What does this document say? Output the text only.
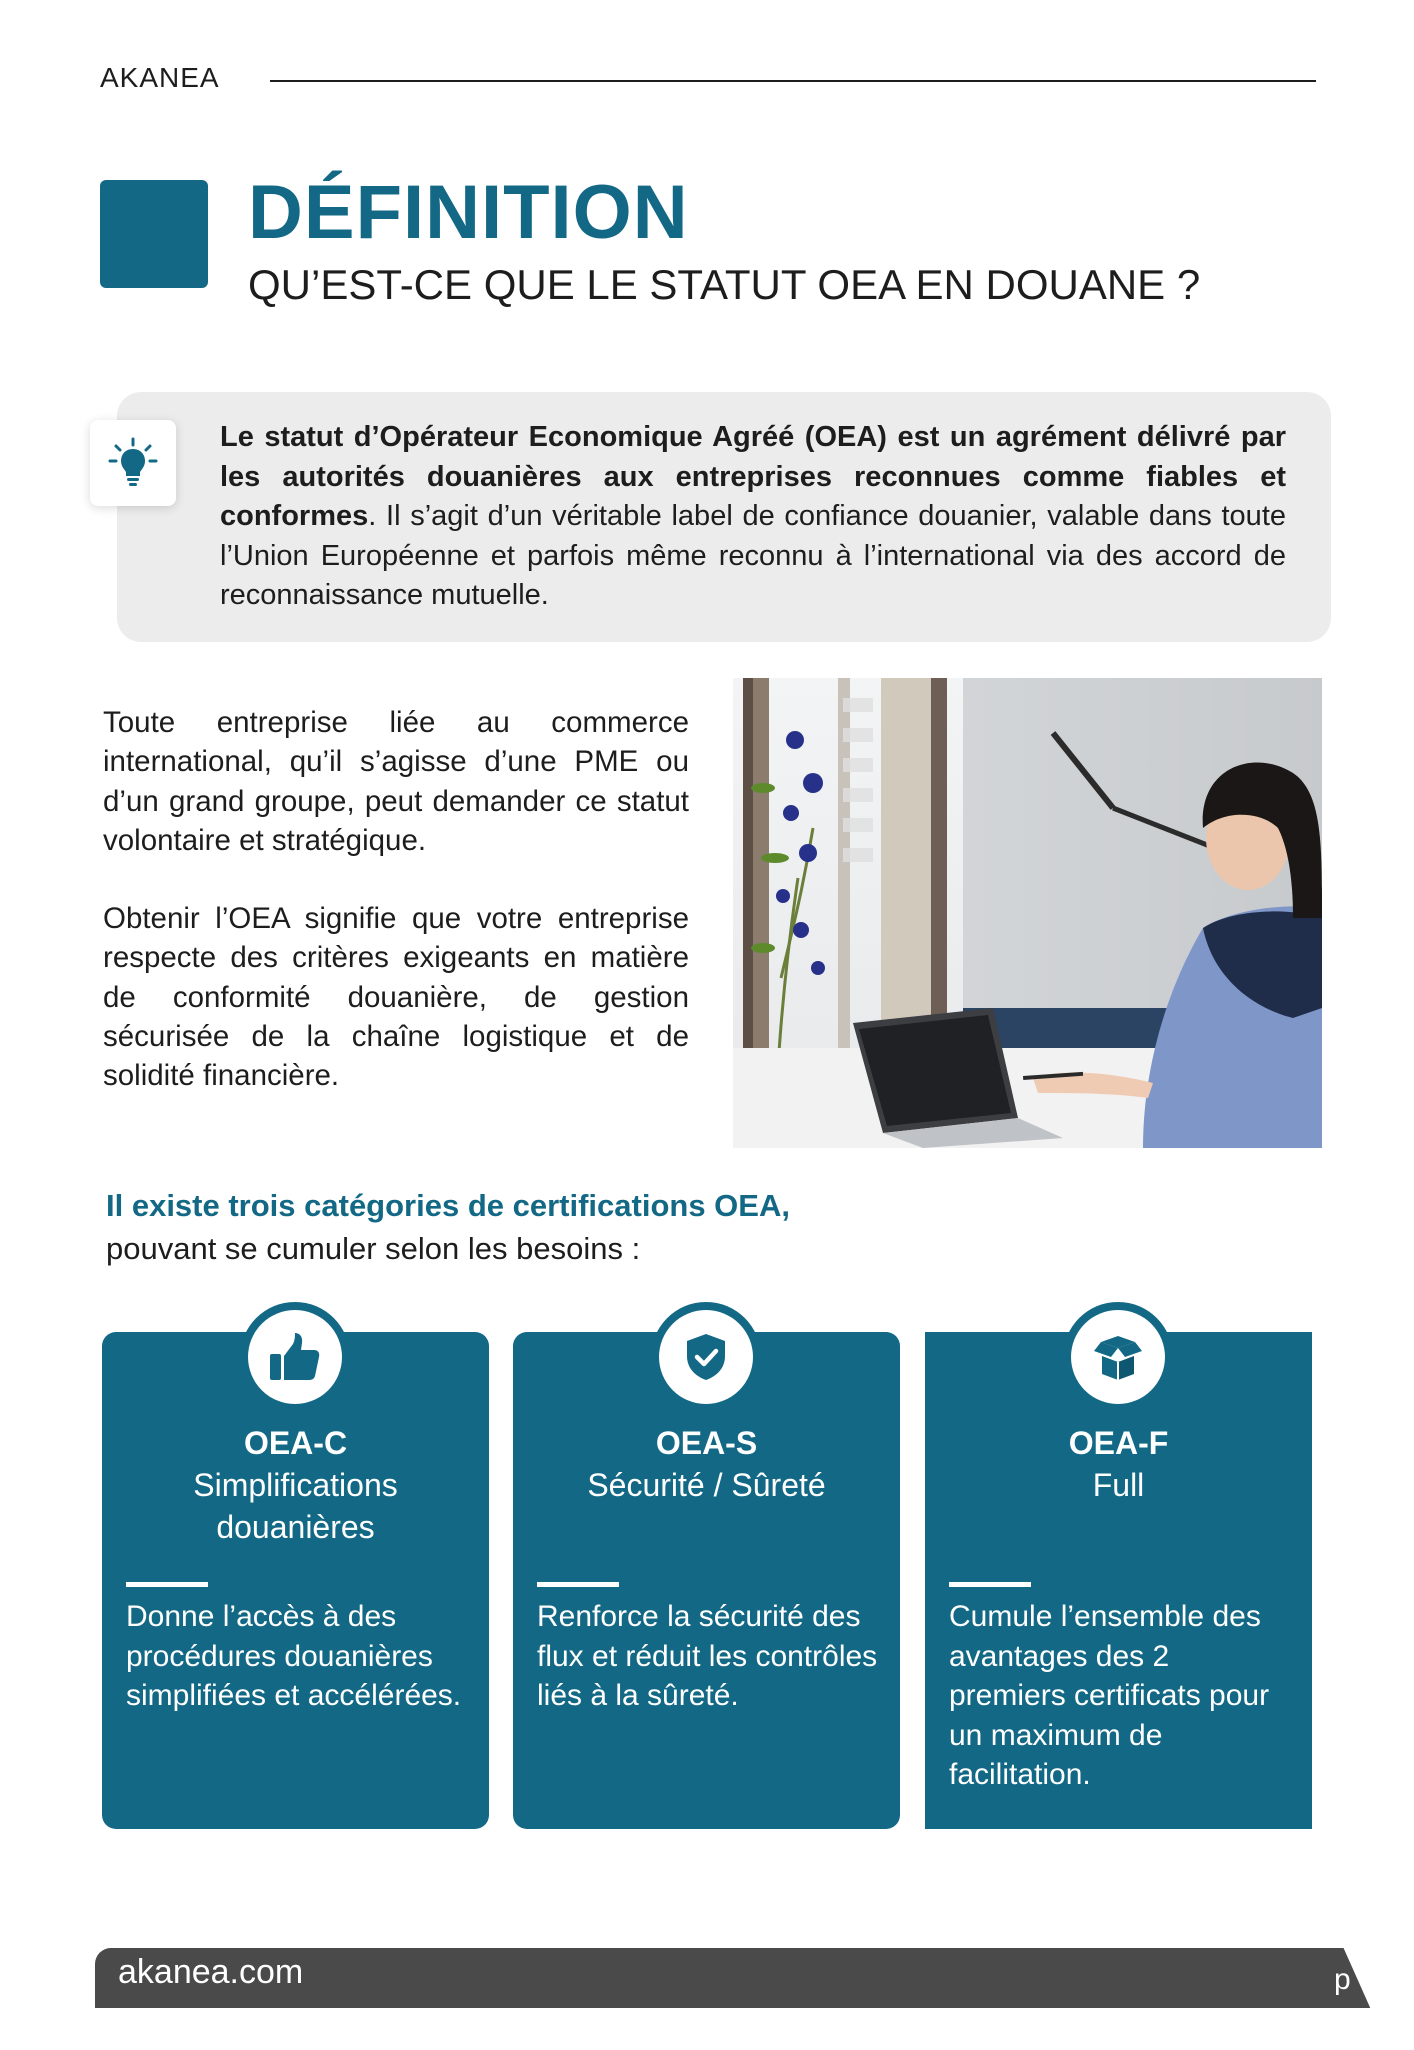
AKANEA
DÉFINITION
QU’EST-CE QUE LE STATUT OEA EN DOUANE ?

Le statut d’Opérateur Economique Agréé (OEA) est un agrément délivré par les autorités douanières aux entreprises reconnues comme fiables et conformes. Il s’agit d’un véritable label de confiance douanier, valable dans toute l’Union Européenne et parfois même reconnu à l’international via des accord de reconnaissance mutuelle.

Toute entreprise liée au commerce international, qu’il s’agisse d’une PME ou d’un grand groupe, peut demander ce statut volontaire et stratégique.

Obtenir l’OEA signifie que votre entreprise respecte des critères exigeants en matière de conformité douanière, de gestion sécurisée de la chaîne logistique et de solidité financière.

Il existe trois catégories de certifications OEA,
pouvant se cumuler selon les besoins :

OEA-C
Simplifications douanières

Donne l’accès à des procédures douanières simplifiées et accélérées.

OEA-S
Sécurité / Sûreté

Renforce la sécurité des flux et réduit les contrôles liés à la sûreté.

OEA-F
Full

Cumule l’ensemble des avantages des 2 premiers certificats pour un maximum de facilitation.

akanea.com	p
